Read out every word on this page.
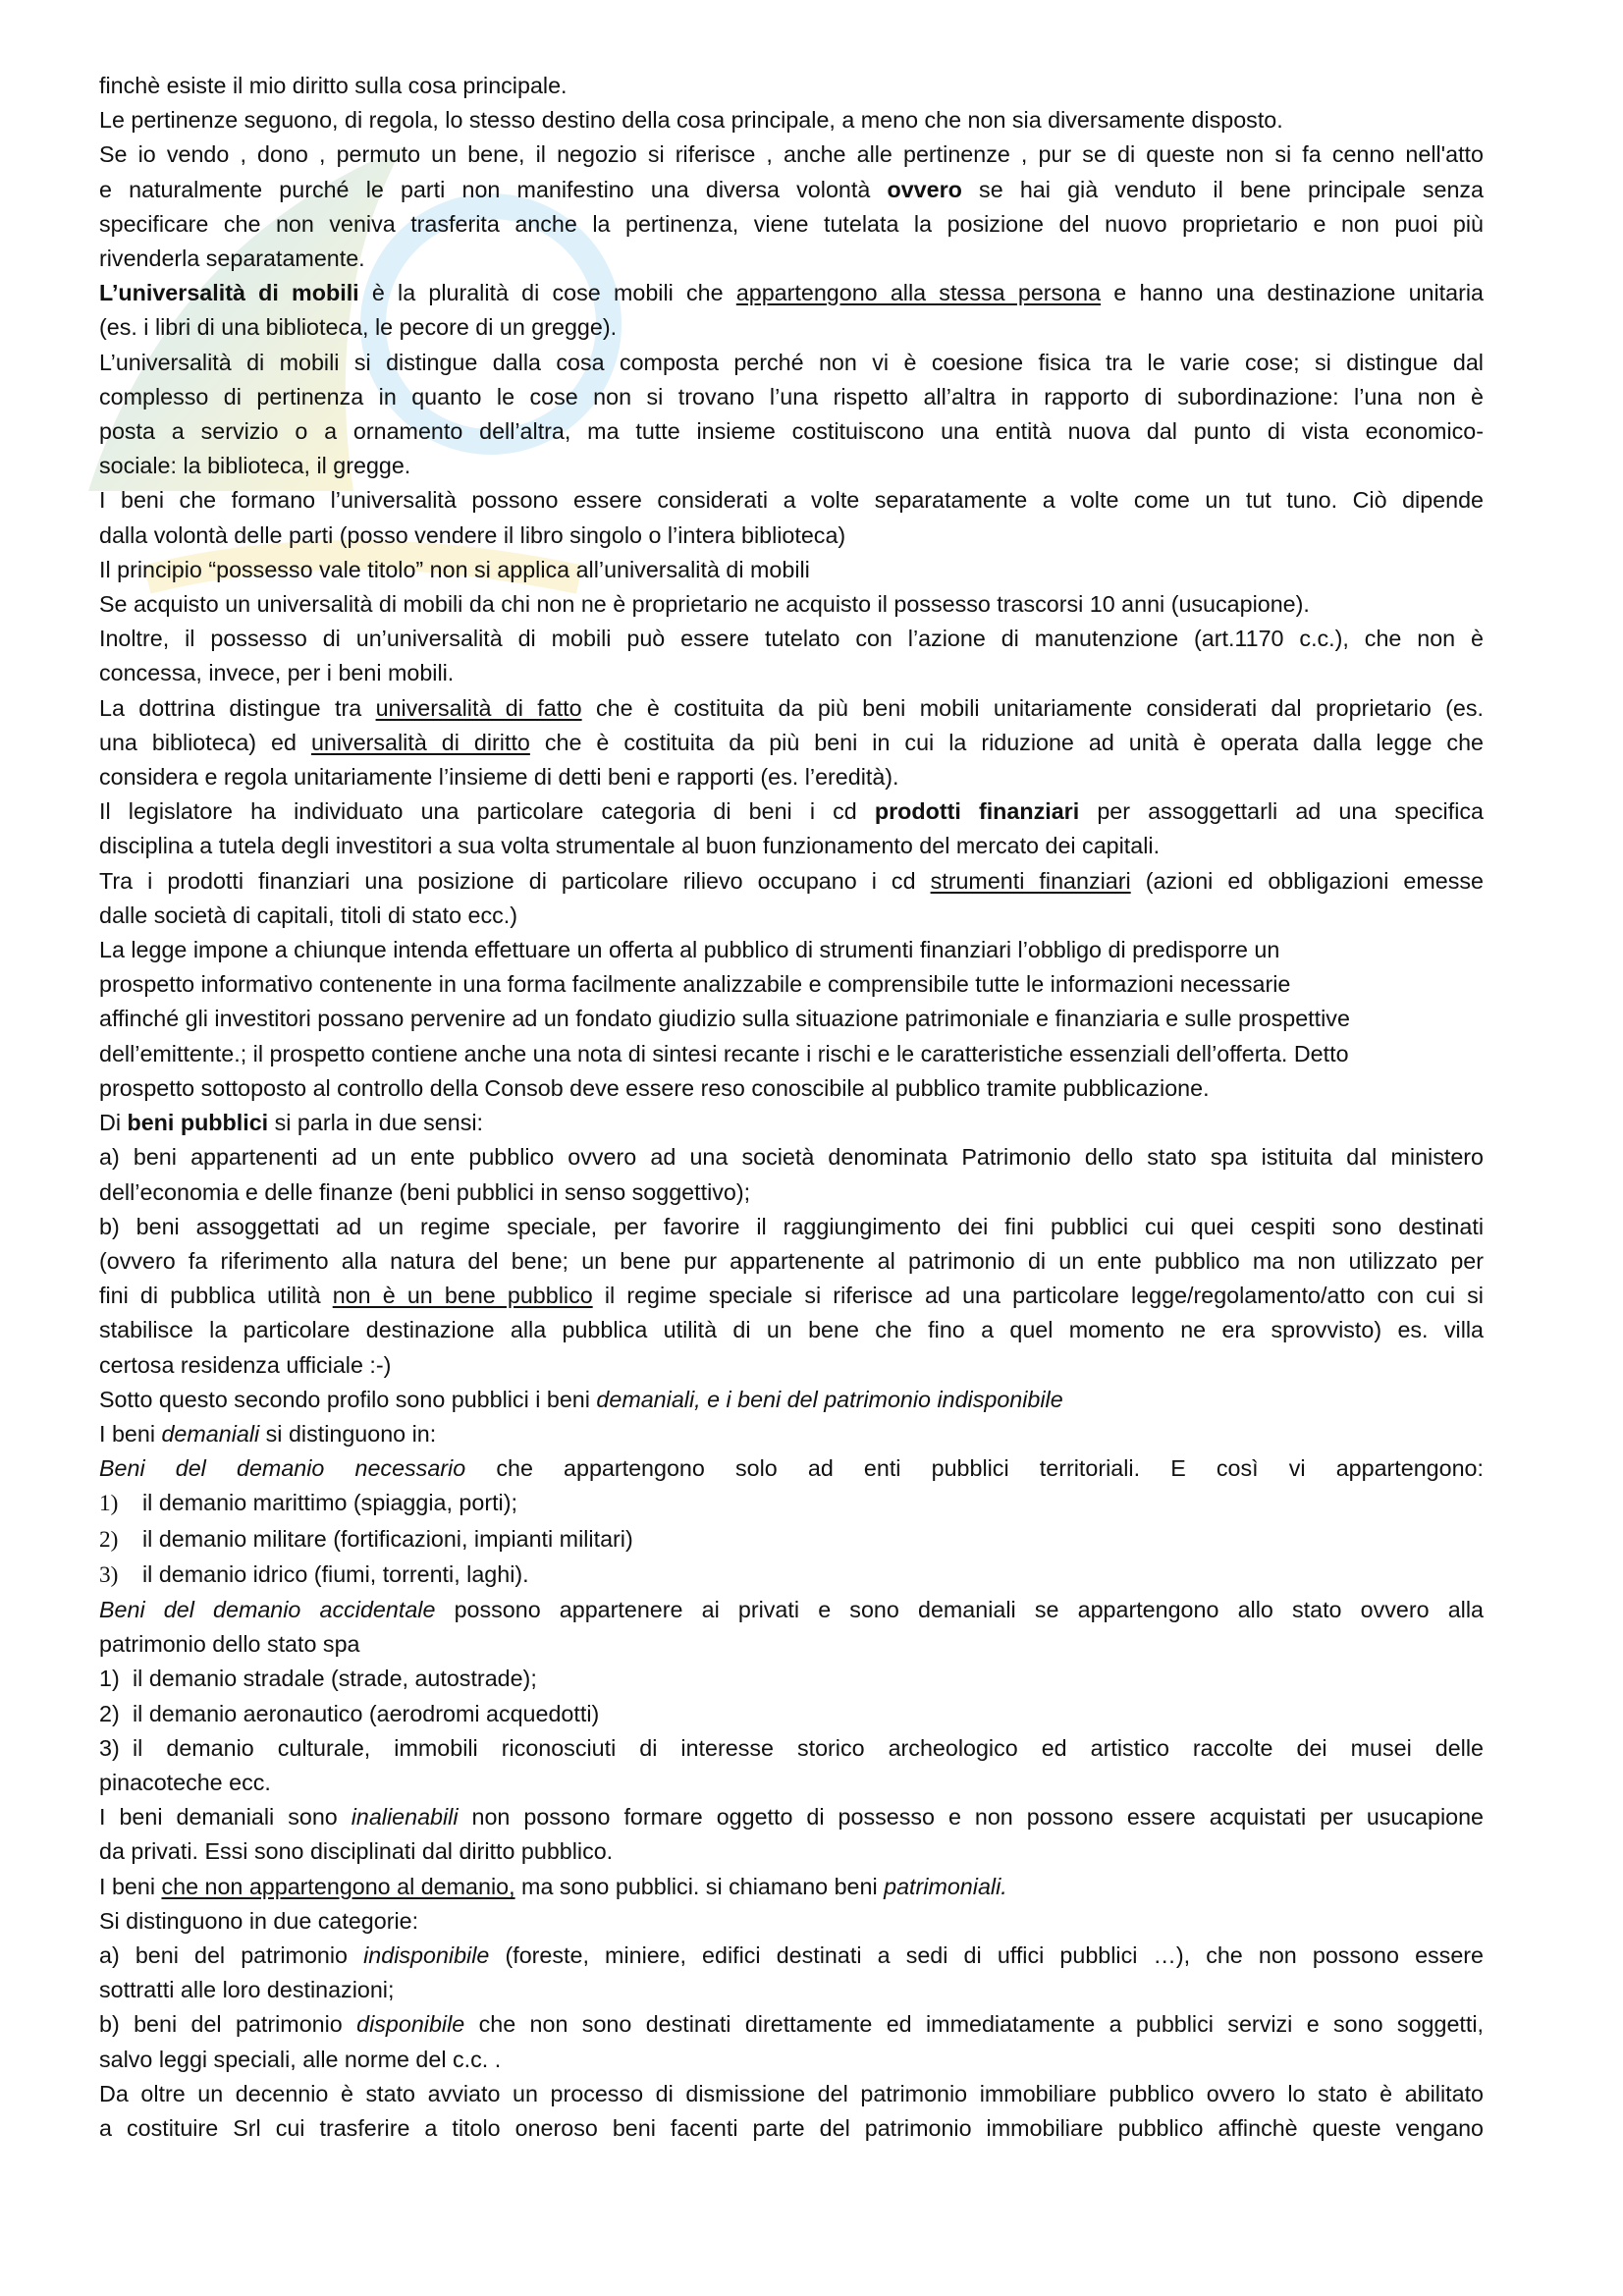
finchè esiste il mio diritto sulla cosa principale.
Le pertinenze seguono, di regola, lo stesso destino della cosa principale, a meno che non sia diversamente disposto.
Se io vendo , dono , permuto un bene, il negozio si riferisce , anche alle pertinenze , pur se di queste non si fa cenno nell'atto
e naturalmente purché le parti non manifestino una diversa volontà ovvero se hai già venduto il bene principale senza
specificare che non veniva trasferita anche la pertinenza, viene tutelata la posizione del nuovo proprietario e non puoi più
rivenderla separatamente.
L’universalità di mobili è la pluralità di cose mobili che appartengono alla stessa persona e hanno una destinazione unitaria
(es. i libri di una biblioteca, le pecore di un gregge).
L’universalità di mobili si distingue dalla cosa composta perché non vi è coesione fisica tra le varie cose; si distingue dal
complesso di pertinenza in quanto le cose non si trovano l’una rispetto all’altra in rapporto di subordinazione: l’una non è
posta a servizio o a ornamento dell’altra, ma tutte insieme costituiscono una entità nuova dal punto di vista economico-
sociale: la biblioteca, il gregge.
I beni che formano l’universalità possono essere considerati a volte separatamente a volte come un tut tuno. Ciò dipende
dalla volontà delle parti (posso vendere il libro singolo o l’intera biblioteca)
Il principio “possesso vale titolo” non si applica all’universalità di mobili
Se acquisto un universalità di mobili da chi non ne è proprietario ne acquisto il possesso trascorsi 10 anni (usucapione).
Inoltre, il possesso di un’universalità di mobili può essere tutelato con l’azione di manutenzione (art.1170 c.c.), che non è
concessa, invece, per i beni mobili.
La dottrina distingue tra universalità di fatto che è costituita da più beni mobili unitariamente considerati dal proprietario (es.
una biblioteca) ed universalità di diritto che è costituita da più beni in cui la riduzione ad unità è operata dalla legge che
considera e regola unitariamente l’insieme di detti beni e rapporti (es. l’eredità).
Il legislatore ha individuato una particolare categoria di beni i cd prodotti finanziari per assoggettarli ad una specifica
disciplina a tutela degli investitori a sua volta strumentale al buon funzionamento del mercato dei capitali.
Tra i prodotti finanziari una posizione di particolare rilievo occupano i cd strumenti finanziari (azioni ed obbligazioni emesse
dalle società di capitali, titoli di stato ecc.)
La legge impone a chiunque intenda effettuare un offerta al pubblico di strumenti finanziari l’obbligo di predisporre un
prospetto informativo contenente in una forma facilmente analizzabile e comprensibile tutte le informazioni necessarie
affinché gli investitori possano pervenire ad un fondato giudizio sulla situazione patrimoniale e finanziaria e sulle prospettive
dell’emittente.; il prospetto contiene anche una nota di sintesi recante i rischi e le caratteristiche essenziali dell’offerta. Detto
prospetto sottoposto al controllo della Consob deve essere reso conoscibile al pubblico tramite pubblicazione.
Di beni pubblici si parla in due sensi:
a) beni appartenenti ad un ente pubblico ovvero ad una società denominata Patrimonio dello stato spa istituita dal ministero
dell’economia e delle finanze (beni pubblici in senso soggettivo);
b) beni assoggettati ad un regime speciale, per favorire il raggiungimento dei fini pubblici cui quei cespiti sono destinati
(ovvero fa riferimento alla natura del bene; un bene pur appartenente al patrimonio di un ente pubblico ma non utilizzato per
fini di pubblica utilità non è un bene pubblico il regime speciale si riferisce ad una particolare legge/regolamento/atto con cui si
stabilisce la particolare destinazione alla pubblica utilità di un bene che fino a quel momento ne era sprovvisto) es. villa
certosa residenza ufficiale :-)
Sotto questo secondo profilo sono pubblici i beni demaniali, e i beni del patrimonio indisponibile
I beni demaniali si distinguono in:
Beni del demanio necessario che appartengono solo ad enti pubblici territoriali. E così vi appartengono:
1) il demanio marittimo (spiaggia, porti);
2) il demanio militare (fortificazioni, impianti militari)
3) il demanio idrico (fiumi, torrenti, laghi).
Beni del demanio accidentale possono appartenere ai privati e sono demaniali se appartengono allo stato ovvero alla
patrimonio dello stato spa
1) il demanio stradale (strade, autostrade);
2) il demanio aeronautico (aerodromi acquedotti)
3) il demanio culturale, immobili riconosciuti di interesse storico archeologico ed artistico raccolte dei musei delle
pinacoteche ecc.
I beni demaniali sono inalienabili non possono formare oggetto di possesso e non possono essere acquistati per usucapione
da privati. Essi sono disciplinati dal diritto pubblico.
I beni che non appartengono al demanio, ma sono pubblici. si chiamano beni patrimoniali.
Si distinguono in due categorie:
a) beni del patrimonio indisponibile (foreste, miniere, edifici destinati a sedi di uffici pubblici …), che non possono essere
sottratti alle loro destinazioni;
b) beni del patrimonio disponibile che non sono destinati direttamente ed immediatamente a pubblici servizi e sono soggetti,
salvo leggi speciali, alle norme del c.c. .
Da oltre un decennio è stato avviato un processo di dismissione del patrimonio immobiliare pubblico ovvero lo stato è abilitato
a costituire Srl cui trasferire a titolo oneroso beni facenti parte del patrimonio immobiliare pubblico affinchè queste vengano
